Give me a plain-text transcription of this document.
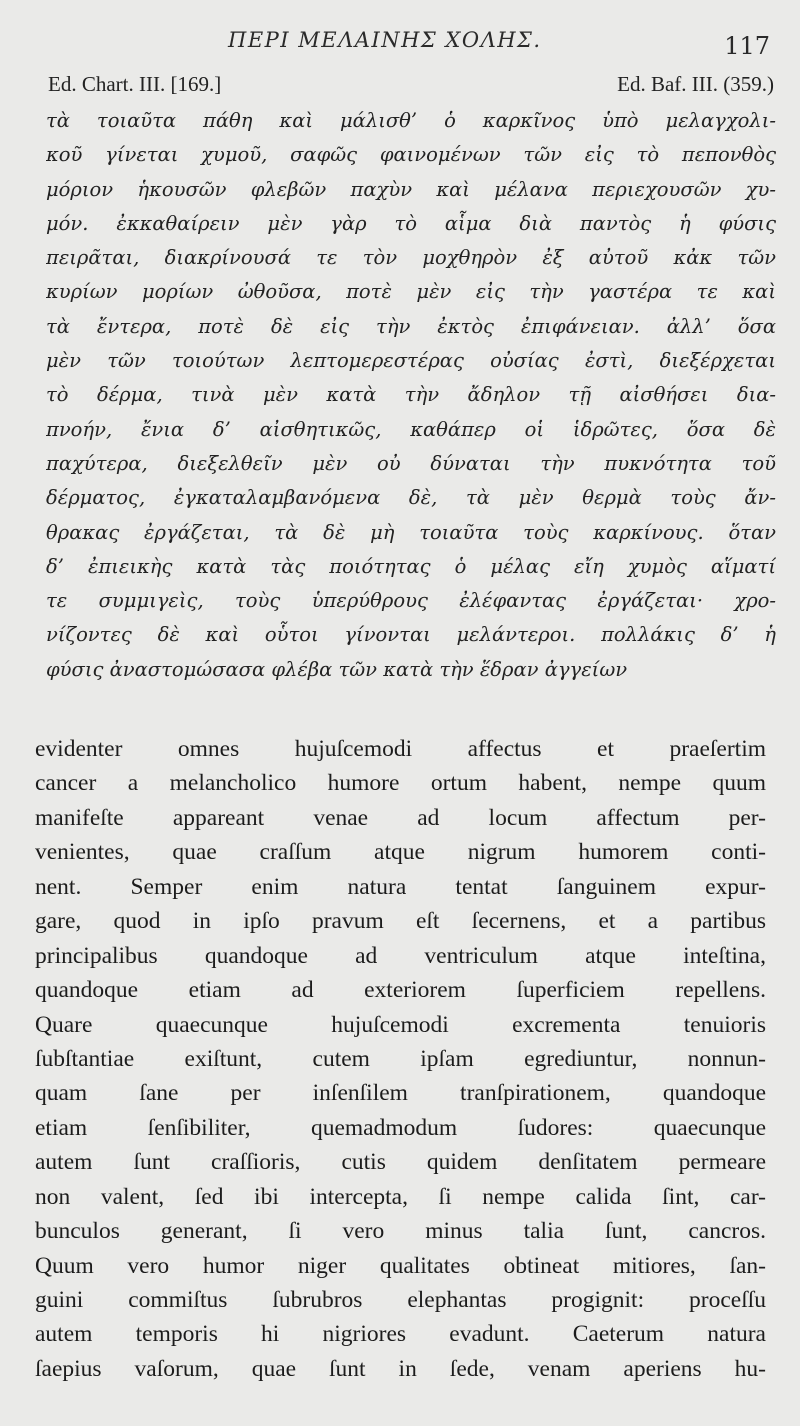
ΠΕΡΙ ΜΕΛΑΙΝΗΣ ΧΟΛΗΣ.	117
Ed. Chart. III. [169.]	Ed. Baf. III. (359.)
τὰ τοιαῦτα πάθη καὶ μάλισθ’ ὁ καρκῖνος ὑπὸ μελαγχολι-
κοῦ γίνεται χυμοῦ, σαφῶς φαινομένων τῶν εἰς τὸ πεπονθὸς
μόριον ἡκουσῶν φλεβῶν παχὺν καὶ μέλανα περιεχουσῶν χυ-
μόν. ἐκκαθαίρειν μὲν γὰρ τὸ αἷμα διὰ παντὸς ἡ φύσις
πειρᾶται, διακρίνουσά τε τὸν μοχθηρὸν ἐξ αὐτοῦ κἀκ τῶν
κυρίων μορίων ὠθοῦσα, ποτὲ μὲν εἰς τὴν γαστέρα τε καὶ
τὰ ἔντερα, ποτὲ δὲ εἰς τὴν ἐκτὸς ἐπιφάνειαν. ἀλλ’ ὅσα
μὲν τῶν τοιούτων λεπτομερεστέρας οὐσίας ἐστὶ, διεξέρχεται
τὸ δέρμα, τινὰ μὲν κατὰ τὴν ἄδηλον τῇ αἰσθήσει δια-
πνοήν, ἔνια δ’ αἰσθητικῶς, καθάπερ οἱ ἱδρῶτες, ὅσα δὲ
παχύτερα, διεξελθεῖν μὲν οὐ δύναται τὴν πυκνότητα τοῦ
δέρματος, ἐγκαταλαμβανόμενα δὲ, τὰ μὲν θερμὰ τοὺς ἄν-
θρακας ἐργάζεται, τὰ δὲ μὴ τοιαῦτα τοὺς καρκίνους. ὅταν
δ’ ἐπιεικὴς κατὰ τὰς ποιότητας ὁ μέλας εἴη χυμὸς αἵματί
τε συμμιγεὶς, τοὺς ὑπερύθρους ἐλέφαντας ἐργάζεται· χρο-
νίζοντες δὲ καὶ οὗτοι γίνονται μελάντεροι. πολλάκις δ’ ἡ
φύσις ἀναστομώσασα φλέβα τῶν κατὰ τὴν ἕδραν ἀγγείων
evidenter omnes hujuſcemodi affectus et praeſertim
cancer a melancholico humore ortum habent, nempe quum
manifeſte appareant venae ad locum affectum per-
venientes, quae craſſum atque nigrum humorem conti-
nent. Semper enim natura tentat ſanguinem expur-
gare, quod in ipſo pravum eſt ſecernens, et a partibus
principalibus quandoque ad ventriculum atque inteſtina,
quandoque etiam ad exteriorem ſuperficiem repellens.
Quare quaecunque hujuſcemodi excrementa tenuioris
ſubſtantiae exiſtunt, cutem ipſam egrediuntur, nonnun-
quam ſane per inſenſilem tranſpirationem, quandoque
etiam ſenſibiliter, quemadmodum ſudores: quaecunque
autem ſunt craſſioris, cutis quidem denſitatem permeare
non valent, ſed ibi intercepta, ſi nempe calida ſint, car-
bunculos generant, ſi vero minus talia ſunt, cancros.
Quum vero humor niger qualitates obtineat mitiores, ſan-
guini commiſtus ſubrubros elephantas progignit: proceſſu
autem temporis hi nigriores evadunt. Caeterum natura
ſaepius vaſorum, quae ſunt in ſede, venam aperiens hu-
